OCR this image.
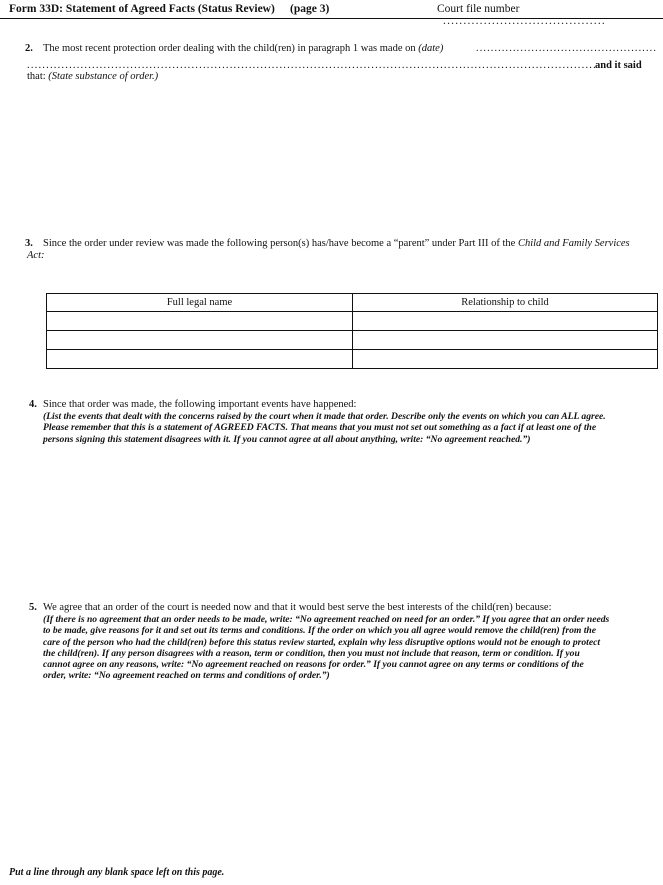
Form 33D: Statement of Agreed Facts (Status Review) (page 3)	Court file number ........................................
2. The most recent protection order dealing with the child(ren) in paragraph 1 was made on (date)	.................................................
.....................................................................................................................................................
and it said
that: (State substance of order.)
3. Since the order under review was made the following person(s) has/have become a “parent” under Part III of the Child and Family Services
Act:
Full legal name	Relationship to child

4. Since that order was made, the following important events have happened:
(List the events that dealt with the concerns raised by the court when it made that order. Describe only the events on which you can ALL agree.
Please remember that this is a statement of AGREED FACTS. That means that you must not set out something as a fact if at least one of the
persons signing this statement disagrees with it. If you cannot agree at all about anything, write: “No agreement reached.”)
5. We agree that an order of the court is needed now and that it would best serve the best interests of the child(ren) because:
(If there is no agreement that an order needs to be made, write: “No agreement reached on need for an order.” If you agree that an order needs
to be made, give reasons for it and set out its terms and conditions. If the order on which you all agree would remove the child(ren) from the
care of the person who had the child(ren) before this status review started, explain why less disruptive options would not be enough to protect
the child(ren). If any person disagrees with a reason, term or condition, then you must not include that reason, term or condition. If you
cannot agree on any reasons, write: “No agreement reached on reasons for order.” If you cannot agree on any terms or conditions of the
order, write: “No agreement reached on terms and conditions of order.”)
Put a line through any blank space left on this page.
